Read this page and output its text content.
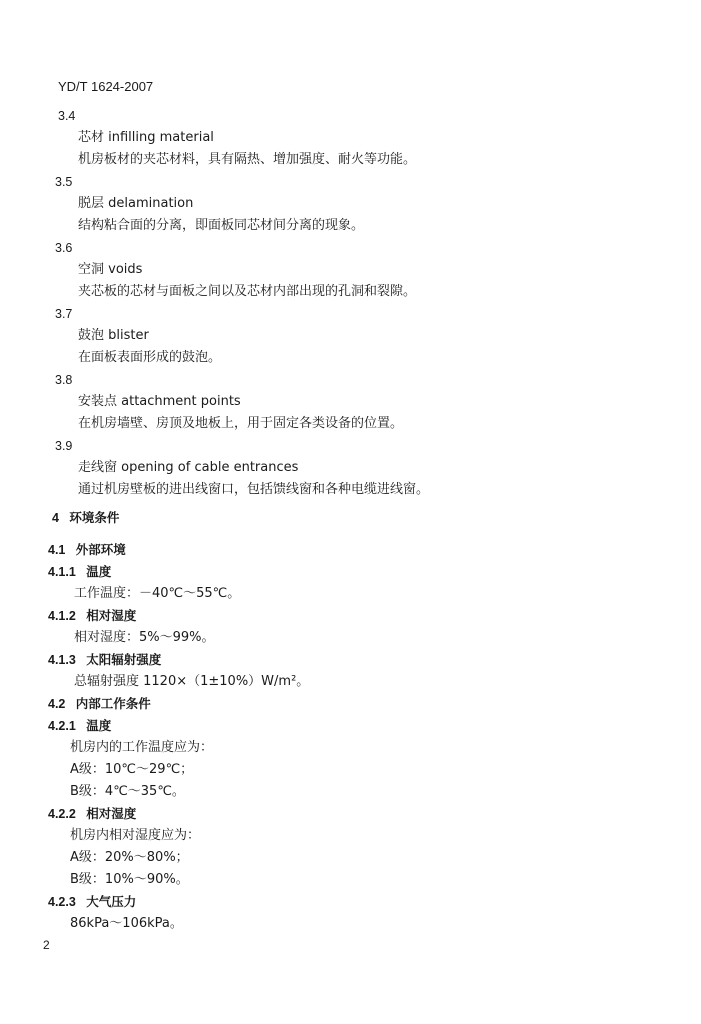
YD/T 1624-2007
3.4
芯材 infilling material
机房板材的夹芯材料，具有隔热、增加强度、耐火等功能。
3.5
脱层 delamination
结构粘合面的分离，即面板同芯材间分离的现象。
3.6
空洞 voids
夹芯板的芯材与面板之间以及芯材内部出现的孔洞和裂隙。
3.7
鼓泡 blister
在面板表面形成的鼓泡。
3.8
安装点 attachment points
在机房墙壁、房顶及地板上，用于固定各类设备的位置。
3.9
走线窗 opening of cable entrances
通过机房壁板的进出线窗口，包括馈线窗和各种电缆进线窗。
4   环境条件
4.1   外部环境
4.1.1   温度
工作温度：－40℃～55℃。
4.1.2   相对湿度
相对湿度：5%～99%。
4.1.3   太阳辐射强度
总辐射强度 1120×（1±10%）W/m²。
4.2   内部工作条件
4.2.1   温度
机房内的工作温度应为：
A级：10℃～29℃；
B级：4℃～35℃。
4.2.2   相对湿度
机房内相对湿度应为：
A级：20%～80%；
B级：10%～90%。
4.2.3   大气压力
86kPa～106kPa。
2
